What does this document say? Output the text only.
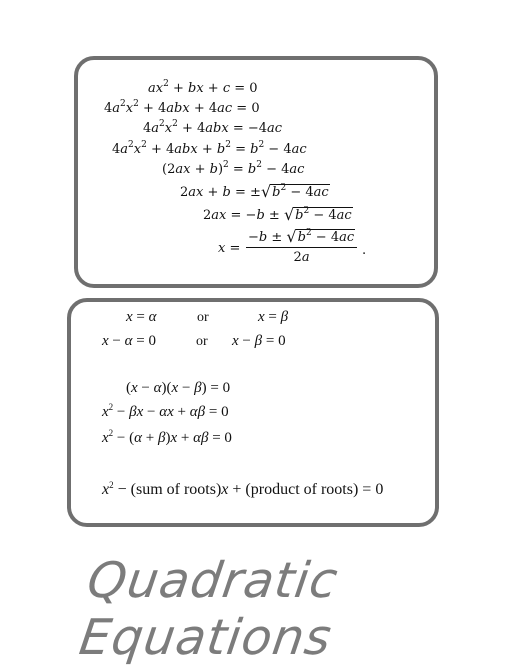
$ax^2$ + bx + c = 0
$4a^2x^2 + 4abx + 4ac = 0$
$4a^2x^2 + 4abx = -4ac$
$4a^2x^2 + 4abx + b^2 = b^2 - 4ac$
$(2ax + b)^2 = b^2 - 4ac$
$2ax + b = \pm√b^2 - 4ac$
$2ax = -b \pm √b^2 - 4ac$
$x = \frac{-b \pm √b^2 - 4ac}{2a}$ .
x = α	or	x = β
x − α = 0	or x − β = 0
(x − α)(x − β) = 0
$x^2 - \beta x - \alpha x + \alpha\beta = 0$
$x^2 - (\alpha + \beta)x + \alpha\beta = 0$
$x^2 - (sum$ of roots)x + (product of roots) = 0
Quadratic Equations
